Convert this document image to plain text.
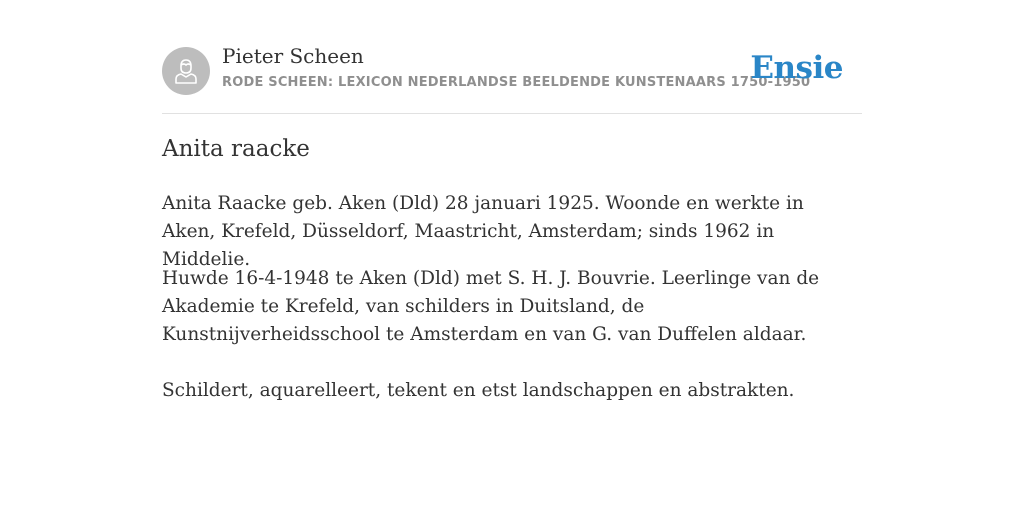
Pieter Scheen
RODE SCHEEN: LEXICON NEDERLANDSE BEELDENDE KUNSTENAARS 1750-1950
Ensie
Anita raacke

Anita Raacke geb. Aken (Dld) 28 januari 1925. Woonde en werkte in Aken, Krefeld, Düsseldorf, Maastricht, Amsterdam; sinds 1962 in Middelie.

Huwde 16-4-1948 te Aken (Dld) met S. H. J. Bouvrie. Leerlinge van de Akademie te Krefeld, van schilders in Duitsland, de Kunstnijverheidsschool te Amsterdam en van G. van Duffelen aldaar.

Schildert, aquarelleert, tekent en etst landschappen en abstrakten.
